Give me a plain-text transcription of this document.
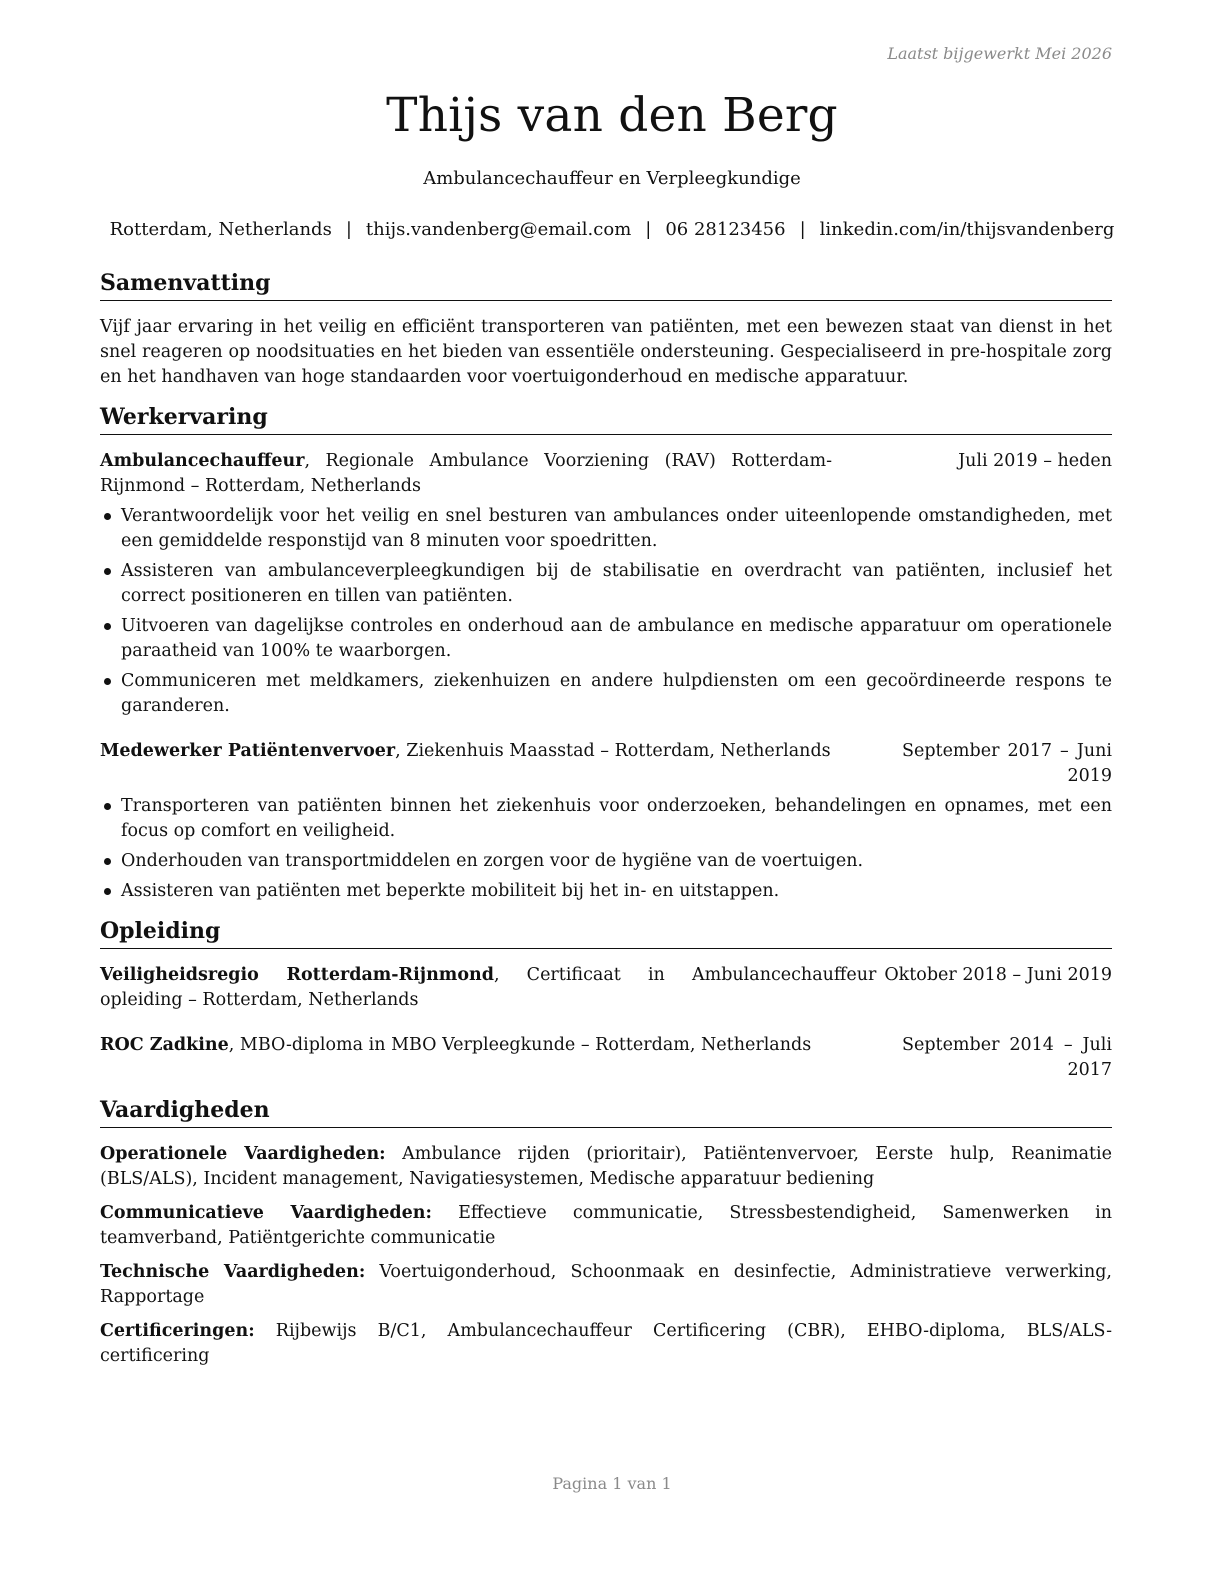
Laatst bijgewerkt Mei 2026
Thijs van den Berg
Ambulancechauffeur en Verpleegkundige
Rotterdam, Netherlands | thijs.vandenberg@email.com | 06 28123456 | linkedin.com/in/thijsvandenberg
Samenvatting

Vijf jaar ervaring in het veilig en efficiënt transporteren van patiënten, met een bewezen staat van dienst in het snel reageren op noodsituaties en het bieden van essentiële ondersteuning. Gespecialiseerd in pre-hospitale zorg en het handhaven van hoge standaarden voor voertuigonderhoud en medische apparatuur.

Werkervaring
Ambulancechauffeur, Regionale Ambulance Voorziening (RAV) Rotterdam-Rijnmond – Rotterdam, Netherlands
Juli 2019 – heden
Verantwoordelijk voor het veilig en snel besturen van ambulances onder uiteenlopende omstandigheden, met een gemiddelde responstijd van 8 minuten voor spoedritten.
Assisteren van ambulanceverpleegkundigen bij de stabilisatie en overdracht van patiënten, inclusief het correct positioneren en tillen van patiënten.
Uitvoeren van dagelijkse controles en onderhoud aan de ambulance en medische apparatuur om operationele paraatheid van 100% te waarborgen.
Communiceren met meldkamers, ziekenhuizen en andere hulpdiensten om een gecoördineerde respons te garanderen.
Medewerker Patiëntenvervoer, Ziekenhuis Maasstad – Rotterdam, Netherlands	September 2017 – Juni
2019
Transporteren van patiënten binnen het ziekenhuis voor onderzoeken, behandelingen en opnames, met een focus op comfort en veiligheid.
Onderhouden van transportmiddelen en zorgen voor de hygiëne van de voertuigen.
Assisteren van patiënten met beperkte mobiliteit bij het in- en uitstappen.
Opleiding
Veiligheidsregio Rotterdam-Rijnmond, Certificaat in Ambulancechauffeur opleiding – Rotterdam, Netherlands
Oktober 2018 – Juni 2019
ROC Zadkine, MBO-diploma in MBO Verpleegkunde – Rotterdam, Netherlands	September 2014 – Juli
2017
Vaardigheden
Operationele Vaardigheden: Ambulance rijden (prioritair), Patiëntenvervoer, Eerste hulp, Reanimatie (BLS/ALS), Incident management, Navigatiesystemen, Medische apparatuur bediening
Communicatieve Vaardigheden: Effectieve communicatie, Stressbestendigheid, Samenwerken in teamverband, Patiëntgerichte communicatie
Technische Vaardigheden: Voertuigonderhoud, Schoonmaak en desinfectie, Administratieve verwerking, Rapportage
Certificeringen: Rijbewijs B/C1, Ambulancechauffeur Certificering (CBR), EHBO-diploma, BLS/ALS-certificering
Pagina 1 van 1
